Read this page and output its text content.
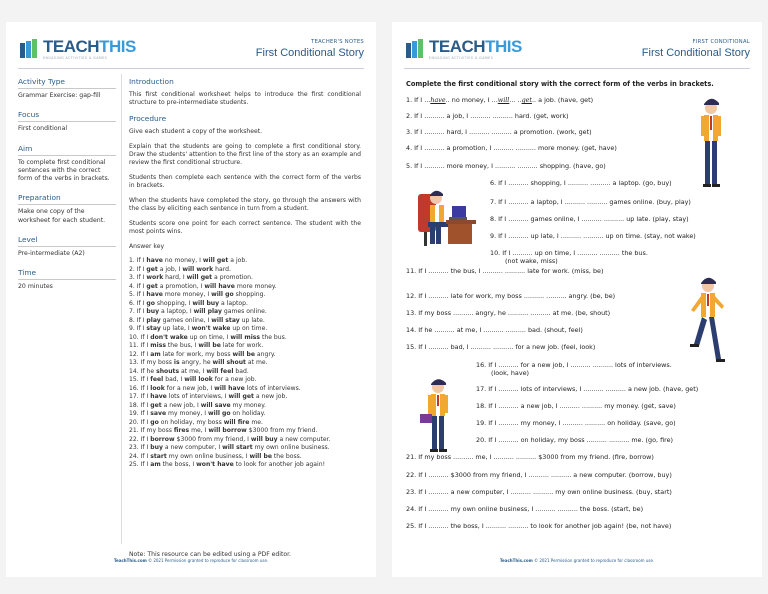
TEACHTHIS
ENGAGING ACTIVITIES & GAMES
TEACHER'S NOTES
First Conditional Story
Activity Type
Grammar Exercise: gap-fill
Focus
First conditional
Aim
To complete first conditional sentences with the correct form of the verbs in brackets.
Preparation
Make one copy of the worksheet for each student.
Level
Pre-intermediate (A2)
Time
20 minutes
Introduction
This first conditional worksheet helps to introduce the first conditional structure to pre-intermediate students.
Procedure
Give each student a copy of the worksheet.
Explain that the students are going to complete a first conditional story. Draw the students' attention to the first line of the story as an example and review the first conditional structure.
Students then complete each sentence with the correct form of the verbs in brackets.
When the students have completed the story, go through the answers with the class by eliciting each sentence in turn from a student.
Students score one point for each correct sentence. The student with the most points wins.
Answer key
1. If I have no money, I will get a job.
2. If I get a job, I will work hard.
3. If I work hard, I will get a promotion.
4. If I get a promotion, I will have more money.
5. If I have more money, I will go shopping.
6. If I go shopping, I will buy a laptop.
7. If I buy a laptop, I will play games online.
8. If I play games online, I will stay up late.
9. If I stay up late, I won't wake up on time.
10. If I don't wake up on time, I will miss the bus.
11. If I miss the bus, I will be late for work.
12. If I am late for work, my boss will be angry.
13. If my boss is angry, he will shout at me.
14. If he shouts at me, I will feel bad.
15. If I feel bad, I will look for a new job.
16. If I look for a new job, I will have lots of interviews.
17. If I have lots of interviews, I will get a new job.
18. If I get a new job, I will save my money.
19. If I save my money, I will go on holiday.
20. If I go on holiday, my boss will fire me.
21. If my boss fires me, I will borrow $3000 from my friend.
22. If I borrow $3000 from my friend, I will buy a new computer.
23. If I buy a new computer, I will start my own online business.
24. If I start my own online business, I will be the boss.
25. If I am the boss, I won't have to look for another job again!
Note: This resource can be edited using a PDF editor.
TeachThis.com © 2021 Permission granted to reproduce for classroom use.
TEACHTHIS
ENGAGING ACTIVITIES & GAMES
FIRST CONDITIONAL
First Conditional Story
Complete the first conditional story with the correct form of the verbs in brackets.
1. If I ...have.. no money, I ...will... ..get.. a job. (have, get)
2. If I .......... a job, I .......... .......... hard. (get, work)
3. If I .......... hard, I .......... .......... a promotion. (work, get)
4. If I .......... a promotion, I .......... .......... more money. (get, have)
5. If I .......... more money, I .......... .......... shopping. (have, go)
6. If I .......... shopping, I .......... .......... a laptop. (go, buy)
7. If I .......... a laptop, I .......... .......... games online. (buy, play)
8. If I .......... games online, I .......... .......... up late. (play, stay)
9. If I .......... up late, I .......... .......... up on time. (stay, not wake)
10. If I .......... up on time, I .......... .......... the bus.
(not wake, miss)
11. If I .......... the bus, I .......... .......... late for work. (miss, be)
12. If I .......... late for work, my boss .......... .......... angry. (be, be)
13. If my boss .......... angry, he .......... .......... at me. (be, shout)
14. If he .......... at me, I .......... .......... bad. (shout, feel)
15. If I .......... bad, I .......... .......... for a new job. (feel, look)
16. If I .......... for a new job, I .......... .......... lots of interviews.
(look, have)
17. If I .......... lots of interviews, I .......... .......... a new job. (have, get)
18. If I .......... a new job, I .......... .......... my money. (get, save)
19. If I .......... my money, I .......... .......... on holiday. (save, go)
20. If I .......... on holiday, my boss .......... .......... me. (go, fire)
21. If my boss .......... me, I .......... .......... $3000 from my friend. (fire, borrow)
22. If I .......... $3000 from my friend, I .......... .......... a new computer. (borrow, buy)
23. If I .......... a new computer, I .......... .......... my own online business. (buy, start)
24. If I .......... my own online business, I .......... .......... the boss. (start, be)
25. If I .......... the boss, I .......... .......... to look for another job again! (be, not have)
TeachThis.com © 2021 Permission granted to reproduce for classroom use.
